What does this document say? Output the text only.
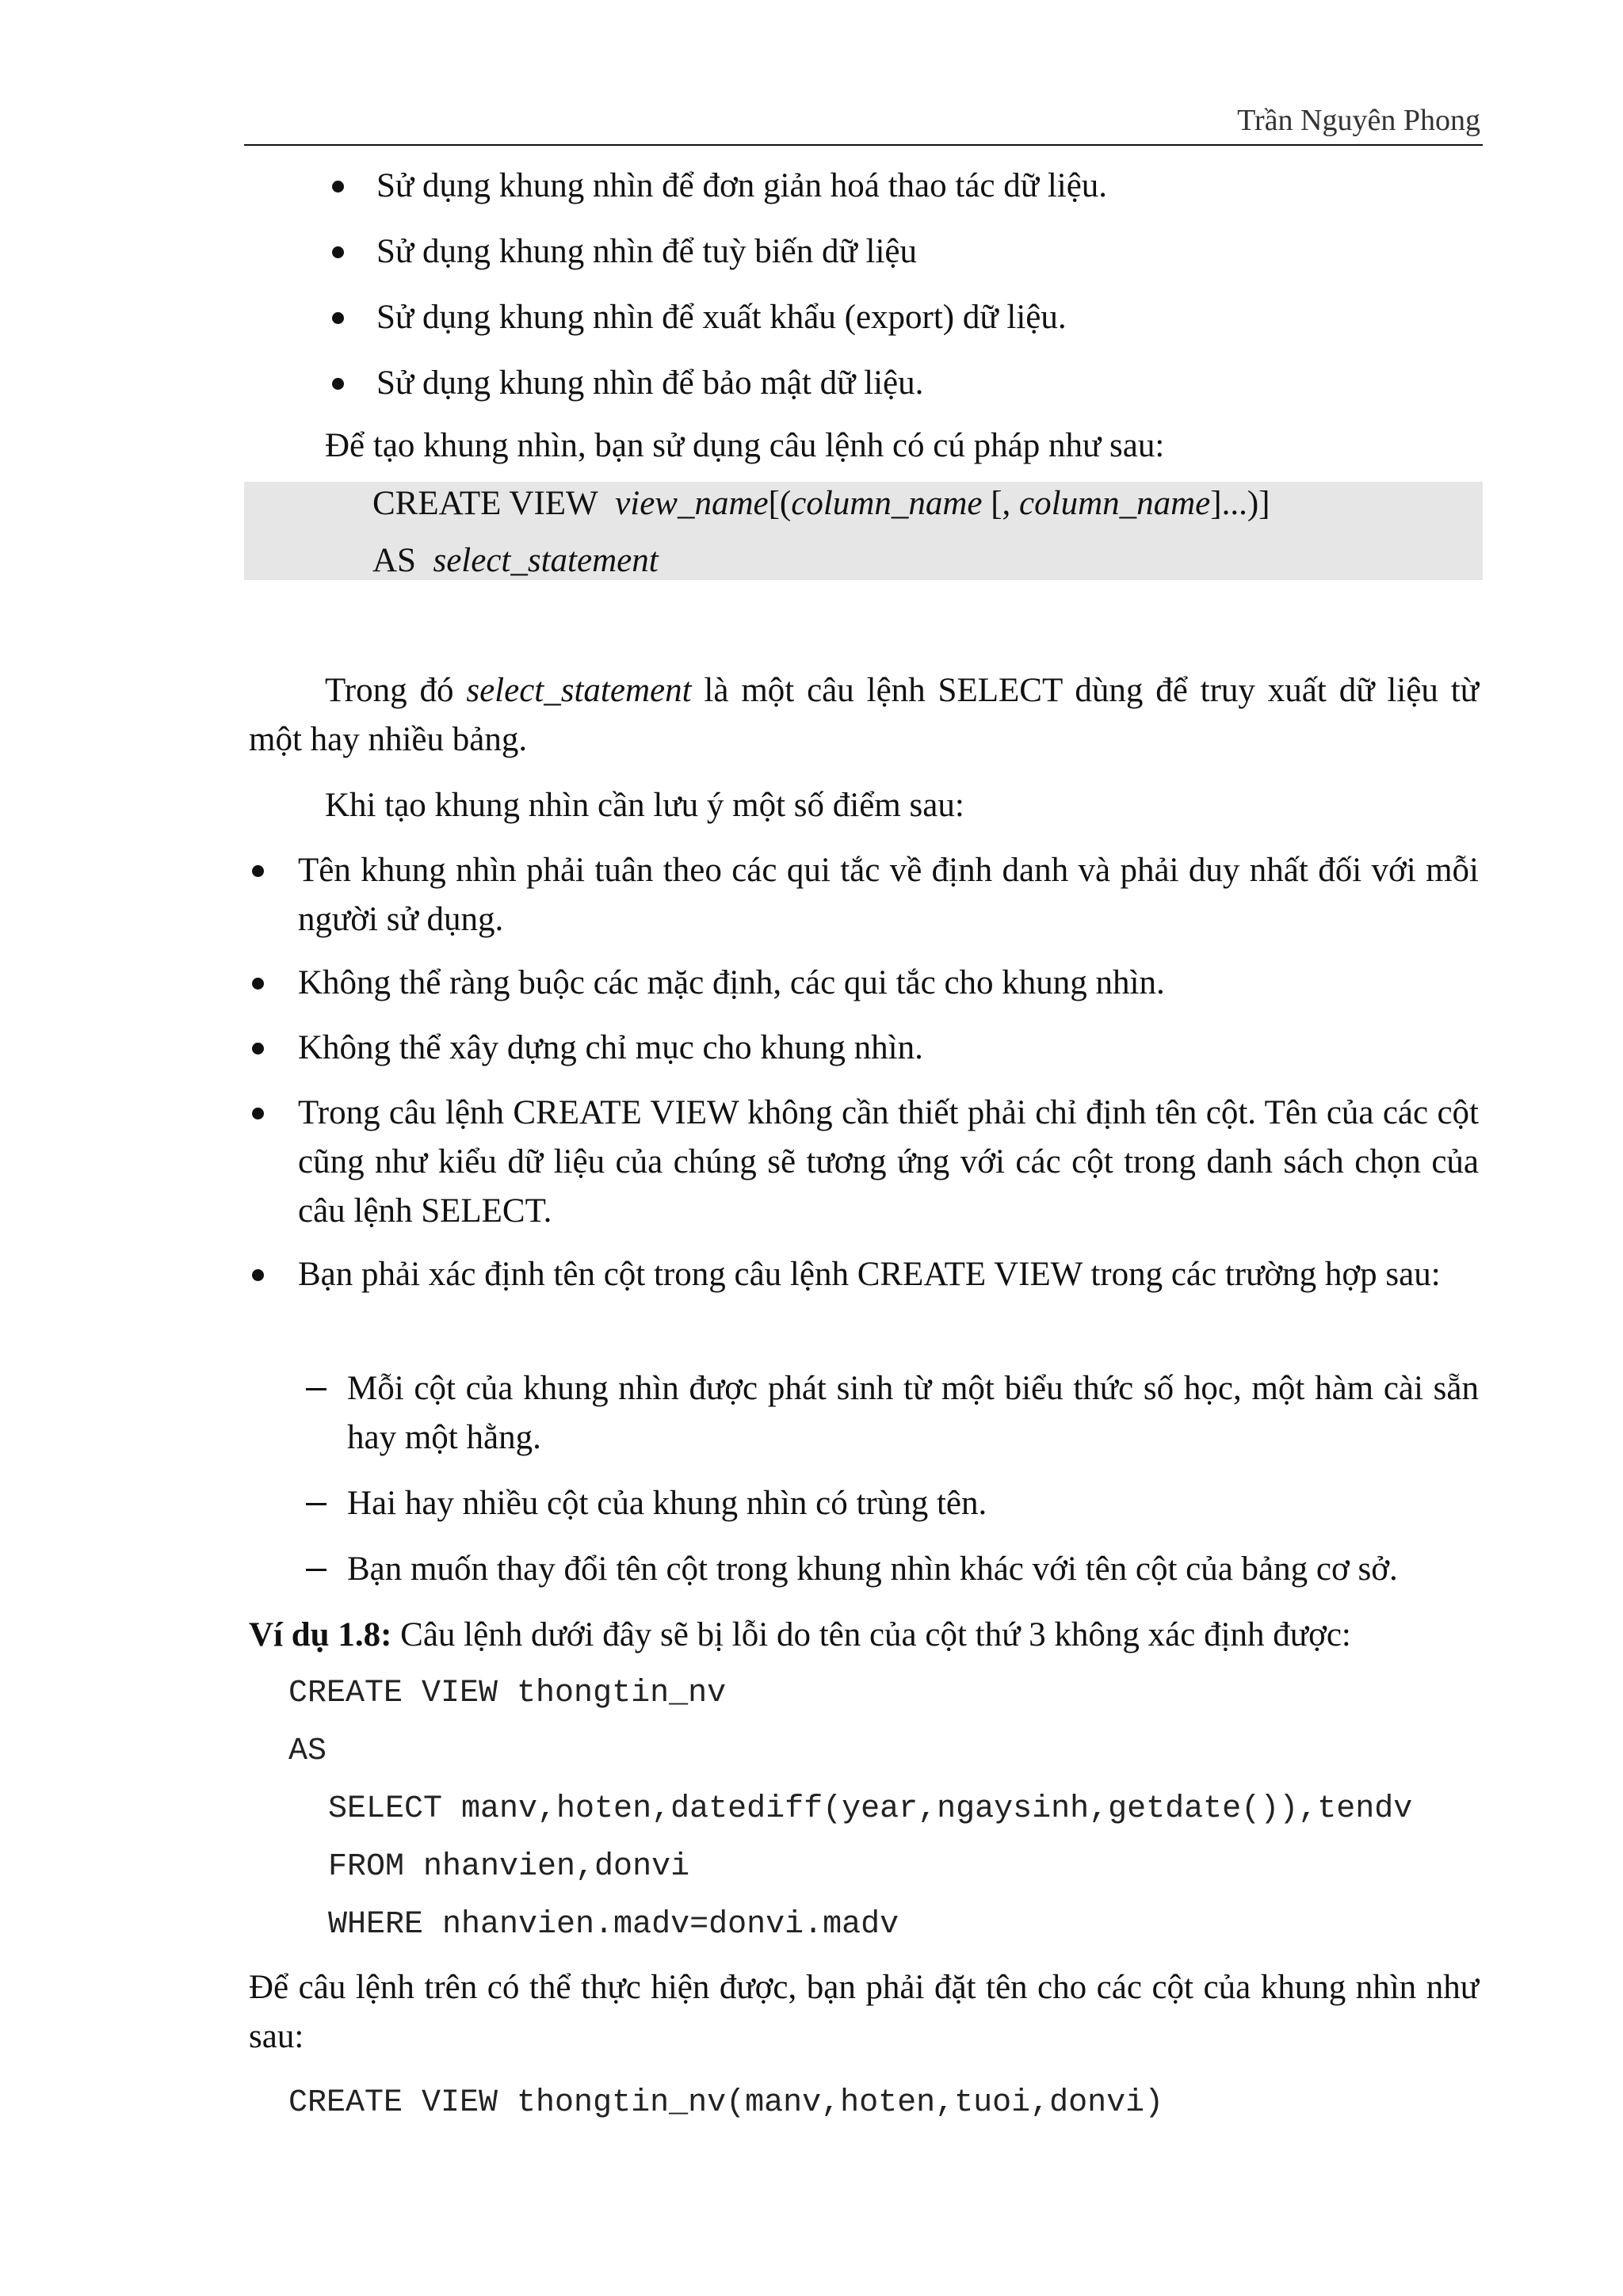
Trần Nguyên Phong
Sử dụng khung nhìn để đơn giản hoá thao tác dữ liệu.
Sử dụng khung nhìn để tuỳ biến dữ liệu
Sử dụng khung nhìn để xuất khẩu (export) dữ liệu.
Sử dụng khung nhìn để bảo mật dữ liệu.
Để tạo khung nhìn, bạn sử dụng câu lệnh có cú pháp như sau:
CREATE VIEW view_name[(column_name [, column_name]...)]
AS select_statement
Trong đó select_statement là một câu lệnh SELECT dùng để truy xuất dữ liệu từ một hay nhiều bảng.
Khi tạo khung nhìn cần lưu ý một số điểm sau:
Tên khung nhìn phải tuân theo các qui tắc về định danh và phải duy nhất đối với mỗi người sử dụng.
Không thể ràng buộc các mặc định, các qui tắc cho khung nhìn.
Không thể xây dựng chỉ mục cho khung nhìn.
Trong câu lệnh CREATE VIEW không cần thiết phải chỉ định tên cột. Tên của các cột cũng như kiểu dữ liệu của chúng sẽ tương ứng với các cột trong danh sách chọn của câu lệnh SELECT.
Bạn phải xác định tên cột trong câu lệnh CREATE VIEW trong các trường hợp sau:
Mỗi cột của khung nhìn được phát sinh từ một biểu thức số học, một hàm cài sẵn hay một hằng.
Hai hay nhiều cột của khung nhìn có trùng tên.
Bạn muốn thay đổi tên cột trong khung nhìn khác với tên cột của bảng cơ sở.
Ví dụ 1.8: Câu lệnh dưới đây sẽ bị lỗi do tên của cột thứ 3 không xác định được:
CREATE VIEW thongtin_nv
AS
SELECT manv,hoten,datediff(year,ngaysinh,getdate()),tendv
FROM nhanvien,donvi
WHERE nhanvien.madv=donvi.madv
Để câu lệnh trên có thể thực hiện được, bạn phải đặt tên cho các cột của khung nhìn như sau:
CREATE VIEW thongtin_nv(manv,hoten,tuoi,donvi)
